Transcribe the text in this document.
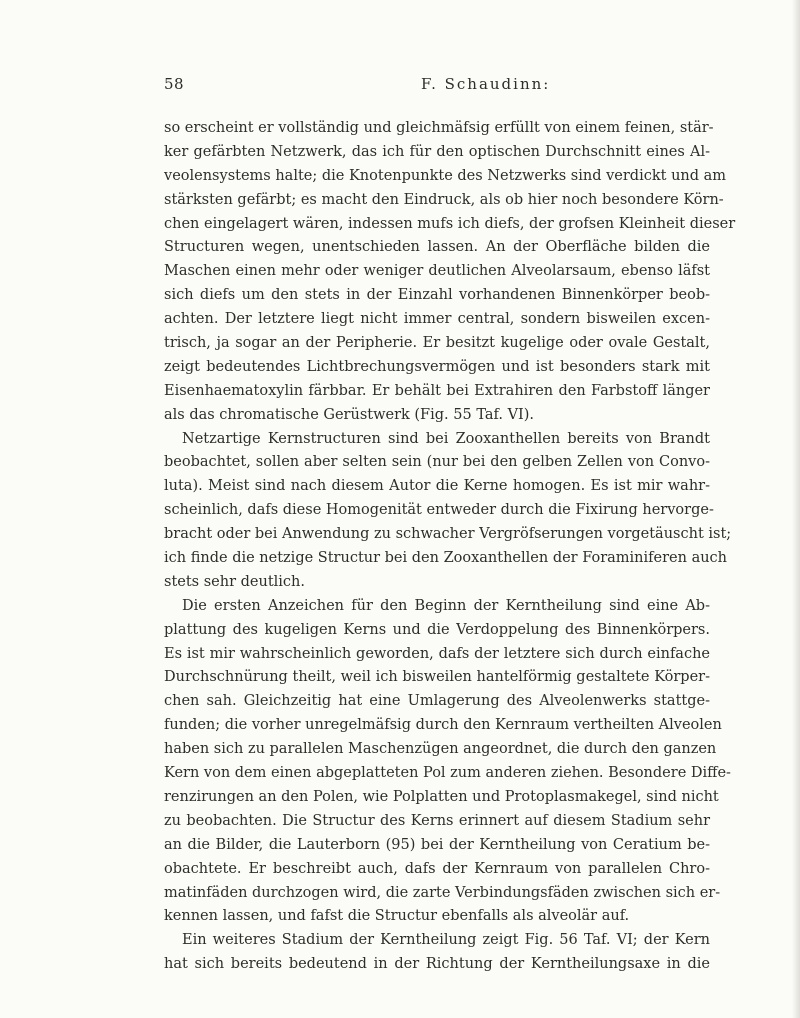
58	F. Schaudinn:
so erscheint er vollständig und gleichmäfsig erfüllt von einem feinen, stär-
ker gefärbten Netzwerk, das ich für den optischen Durchschnitt eines Al-
veolensystems halte; die Knotenpunkte des Netzwerks sind verdickt und am
stärksten gefärbt; es macht den Eindruck, als ob hier noch besondere Körn-
chen eingelagert wären, indessen mufs ich diefs, der grofsen Kleinheit dieser
Structuren wegen, unentschieden lassen. An der Oberfläche bilden die
Maschen einen mehr oder weniger deutlichen Alveolarsaum, ebenso läfst
sich diefs um den stets in der Einzahl vorhandenen Binnenkörper beob-
achten. Der letztere liegt nicht immer central, sondern bisweilen excen-
trisch, ja sogar an der Peripherie. Er besitzt kugelige oder ovale Gestalt,
zeigt bedeutendes Lichtbrechungsvermögen und ist besonders stark mit
Eisenhaematoxylin färbbar. Er behält bei Extrahiren den Farbstoff länger
als das chromatische Gerüstwerk (Fig. 55 Taf. VI).
Netzartige Kernstructuren sind bei Zooxanthellen bereits von Brandt
beobachtet, sollen aber selten sein (nur bei den gelben Zellen von Convo-
luta). Meist sind nach diesem Autor die Kerne homogen. Es ist mir wahr-
scheinlich, dafs diese Homogenität entweder durch die Fixirung hervorge-
bracht oder bei Anwendung zu schwacher Vergröfserungen vorgetäuscht ist;
ich finde die netzige Structur bei den Zooxanthellen der Foraminiferen auch
stets sehr deutlich.
Die ersten Anzeichen für den Beginn der Kerntheilung sind eine Ab-
plattung des kugeligen Kerns und die Verdoppelung des Binnenkörpers.
Es ist mir wahrscheinlich geworden, dafs der letztere sich durch einfache
Durchschnürung theilt, weil ich bisweilen hantelförmig gestaltete Körper-
chen sah. Gleichzeitig hat eine Umlagerung des Alveolenwerks stattge-
funden; die vorher unregelmäfsig durch den Kernraum vertheilten Alveolen
haben sich zu parallelen Maschenzügen angeordnet, die durch den ganzen
Kern von dem einen abgeplatteten Pol zum anderen ziehen. Besondere Diffe-
renzirungen an den Polen, wie Polplatten und Protoplasmakegel, sind nicht
zu beobachten. Die Structur des Kerns erinnert auf diesem Stadium sehr
an die Bilder, die Lauterborn (95) bei der Kerntheilung von Ceratium be-
obachtete. Er beschreibt auch, dafs der Kernraum von parallelen Chro-
matinfäden durchzogen wird, die zarte Verbindungsfäden zwischen sich er-
kennen lassen, und fafst die Structur ebenfalls als alveolär auf.
Ein weiteres Stadium der Kerntheilung zeigt Fig. 56 Taf. VI; der Kern
hat sich bereits bedeutend in der Richtung der Kerntheilungsaxe in die
